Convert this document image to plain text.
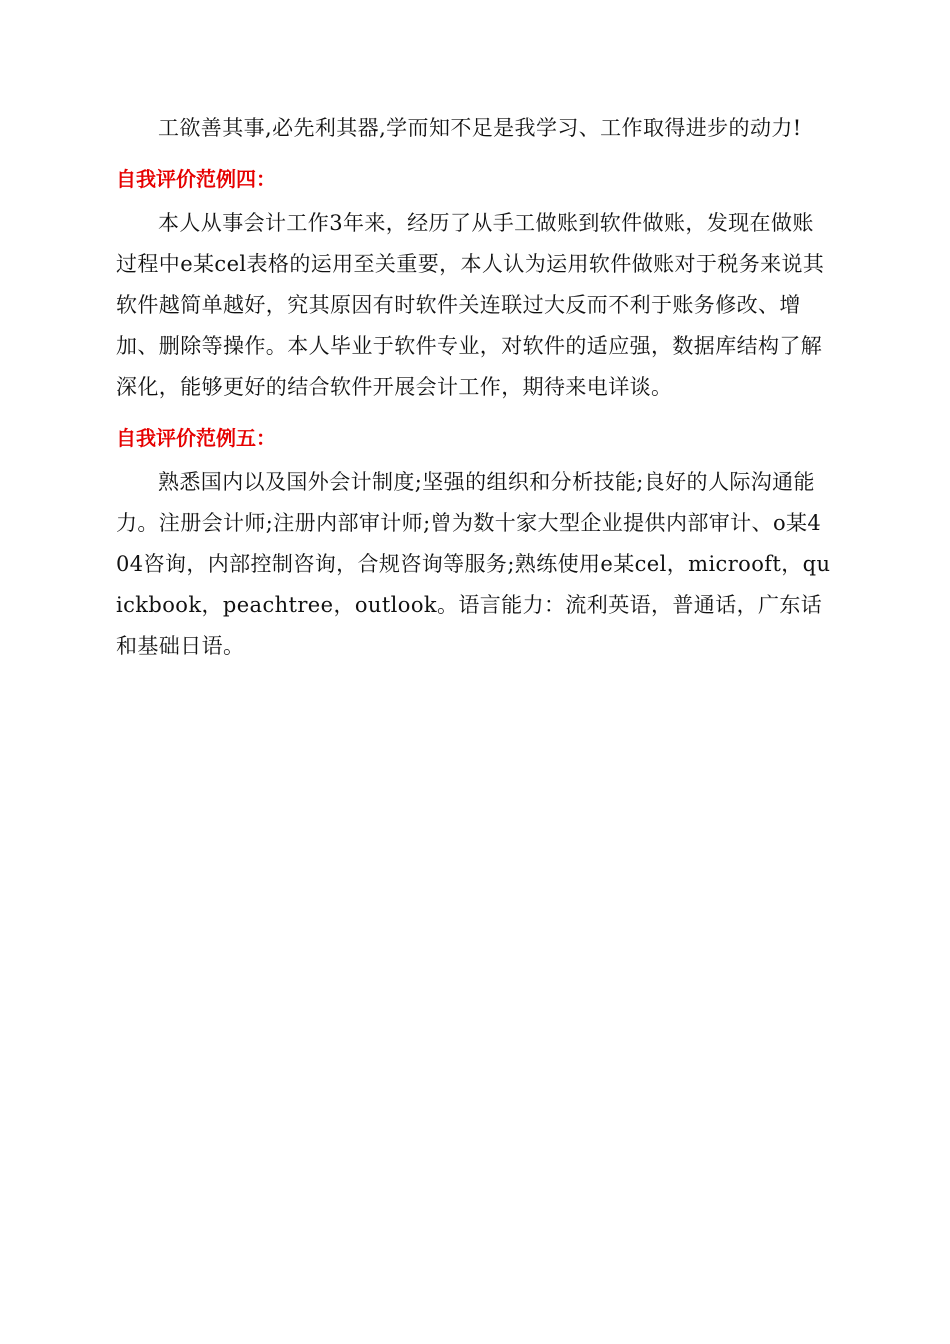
工欲善其事,必先利其器,学而知不足是我学习、工作取得进步的动力!

自我评价范例四：

本人从事会计工作3年来，经历了从手工做账到软件做账，发现在做账过程中e某cel表格的运用至关重要，本人认为运用软件做账对于税务来说其软件越简单越好，究其原因有时软件关连联过大反而不利于账务修改、增加、删除等操作。本人毕业于软件专业，对软件的适应强，数据库结构了解深化，能够更好的结合软件开展会计工作，期待来电详谈。

自我评价范例五：

熟悉国内以及国外会计制度;坚强的组织和分析技能;良好的人际沟通能力。注册会计师;注册内部审计师;曾为数十家大型企业提供内部审计、o某404咨询，内部控制咨询，合规咨询等服务;熟练使用e某cel，microoft，quickbook，peachtree，outlook。语言能力：流利英语，普通话，广东话和基础日语。
